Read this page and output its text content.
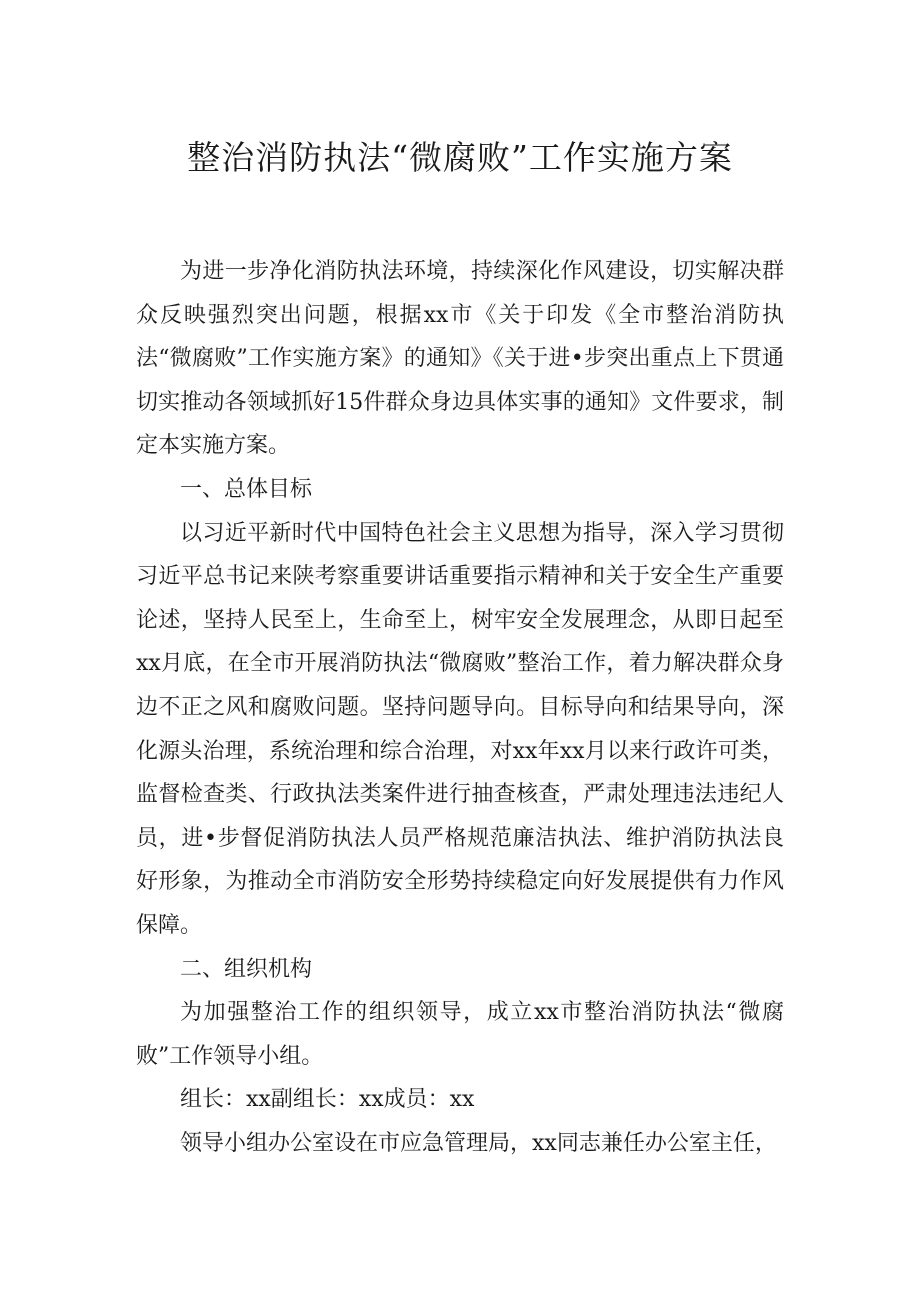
整治消防执法“微腐败”工作实施方案

为进一步净化消防执法环境，持续深化作风建设，切实解决群众反映强烈突出问题，根据xx市《关于印发《全市整治消防执法“微腐败”工作实施方案》的通知》《关于进•步突出重点上下贯通切实推动各领域抓好15件群众身边具体实事的通知》文件要求，制定本实施方案。

一、总体目标

以习近平新时代中国特色社会主义思想为指导，深入学习贯彻习近平总书记来陕考察重要讲话重要指示精神和关于安全生产重要论述，坚持人民至上，生命至上，树牢安全发展理念，从即日起至xx月底，在全市开展消防执法“微腐败”整治工作，着力解决群众身边不正之风和腐败问题。坚持问题导向。目标导向和结果导向，深化源头治理，系统治理和综合治理，对xx年xx月以来行政许可类，监督检查类、行政执法类案件进行抽查核查，严肃处理违法违纪人员，进•步督促消防执法人员严格规范廉洁执法、维护消防执法良好形象，为推动全市消防安全形势持续稳定向好发展提供有力作风保障。

二、组织机构

为加强整治工作的组织领导，成立xx市整治消防执法“微腐败”工作领导小组。

组长：xx副组长：xx成员：xx

领导小组办公室设在市应急管理局，xx同志兼任办公室主任，
